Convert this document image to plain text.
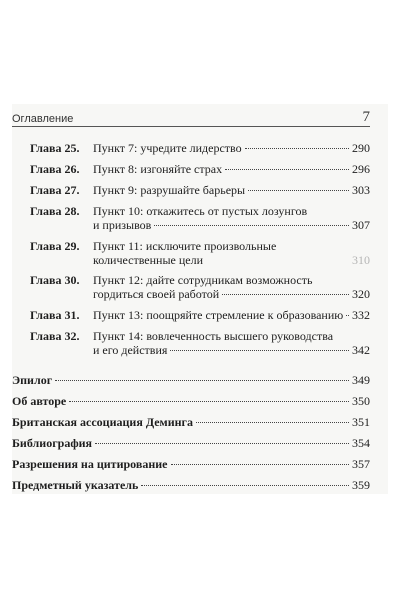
Оглавление	7
Глава 25.	Пункт 7: учредите лидерство	290
Глава 26.	Пункт 8: изгоняйте страх	296
Глава 27.	Пункт 9: разрушайте барьеры	303
Глава 28.	Пункт 10: откажитесь от пустых лозунгов
и призывов	307
Глава 29.	Пункт 11: исключите произвольные
количественные цели	310
Глава 30.	Пункт 12: дайте сотрудникам возможность
гордиться своей работой	320
Глава 31.	Пункт 13: поощряйте стремление к образованию 332
Глава 32.	Пункт 14: вовлеченность высшего руководства
и его действия	342
Эпилог	349
Об авторе	350
Британская ассоциация Деминга	351
Библиография	354
Разрешения на цитирование	357
Предметный указатель	359
